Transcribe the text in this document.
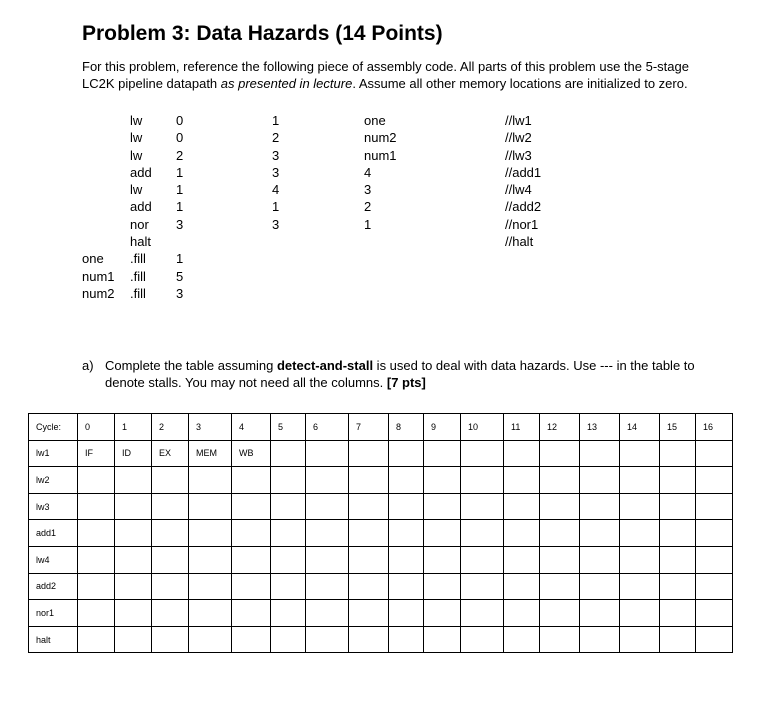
Problem 3: Data Hazards (14 Points)

For this problem, reference the following piece of assembly code. All parts of this problem use the 5-stage LC2K pipeline datapath as presented in lecture. Assume all other memory locations are initialized to zero.

lw	0	1	one	//lw1
lw	0	2	num2	//lw2
lw	2	3	num1	//lw3
add 1	3	4	//add1
lw	1	4	3	//lw4
add 1	1	2	//add2
nor 3	3	1	//nor1
halt	//halt
one .fill 1
num1 .fill 5
num2 .fill 3

a) Complete the table assuming detect-and-stall is used to deal with data hazards. Use --- in the table to denote stalls. You may not need all the columns. [7 pts]

Cycle:	0	1	2	3	4	5	6	7	8	9	10	11	12	13	14	15	16
lw1	IF	ID	EX	MEM	WB												
lw2																	
lw3																	
add1																	
lw4																	
add2																	
nor1																	
halt																	
